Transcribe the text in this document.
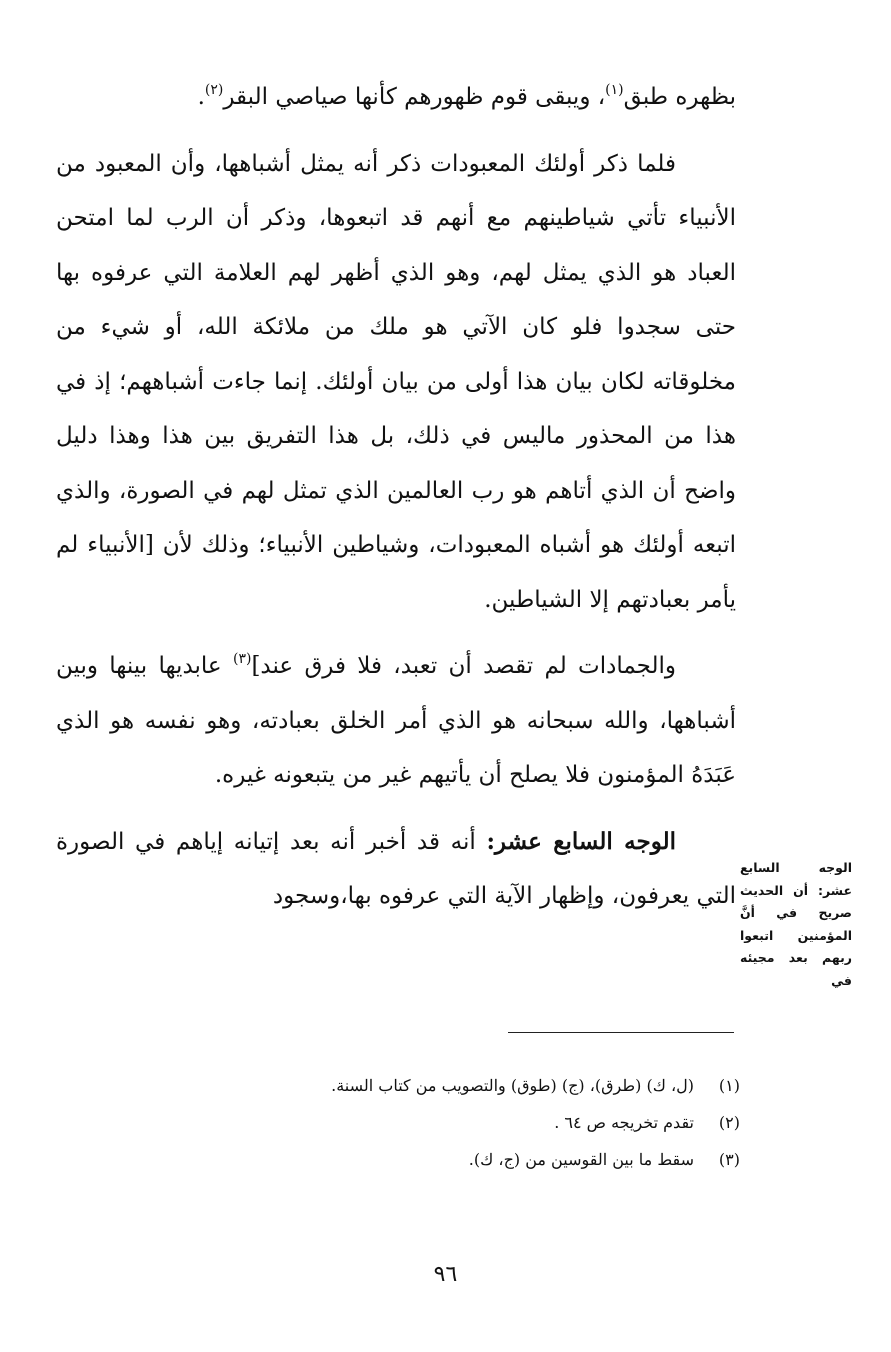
بظهره طبق$^{(١)}$، ويبقى قوم ظهورهم كأنها صياصي البقر$^{(٢)}$.

فلما ذكر أولئك المعبودات ذكر أنه يمثل أشباهها، وأن المعبود من الأنبياء تأتي شياطينهم مع أنهم قد اتبعوها، وذكر أن الرب لما امتحن العباد هو الذي يمثل لهم، وهو الذي أظهر لهم العلامة التي عرفوه بها حتى سجدوا فلو كان الآتي هو ملك من ملائكة الله، أو شيء من مخلوقاته لكان بيان هذا أولى من بيان أولئك. إنما جاءت أشباههم؛ إذ في هذا من المحذور ماليس في ذلك، بل هذا التفريق بين هذا وهذا دليل واضح أن الذي أتاهم هو رب العالمين الذي تمثل لهم في الصورة، والذي اتبعه أولئك هو أشباه المعبودات، وشياطين الأنبياء؛ وذلك لأن [الأنبياء لم يأمر بعبادتهم إلا الشياطين.

والجمادات لم تقصد أن تعبد، فلا فرق عند]$^{(٣)}$ عابديها بينها وبين أشباهها، والله سبحانه هو الذي أمر الخلق بعبادته، وهو نفسه هو الذي عَبَدَهُ المؤمنون فلا يصلح أن يأتيهم غير من يتبعونه غيره.

الوجه السابع عشر: أنه قد أخبر أنه بعد إتيانه إياهم في الصورة التي يعرفون، وإظهار الآية التي عرفوه بها،وسجود

الوجه السابع عشر: أن الحديث صريح في أنَّ المؤمنين اتبعوا ربهم بعد مجيئه في
(١)
(ل، ك) (طرق)، (ج) (طوق) والتصويب من كتاب السنة.
(٢)
تقدم تخريجه ص ٦٤ .
(٣)
سقط ما بين القوسين من (ج، ك).
٩٦
